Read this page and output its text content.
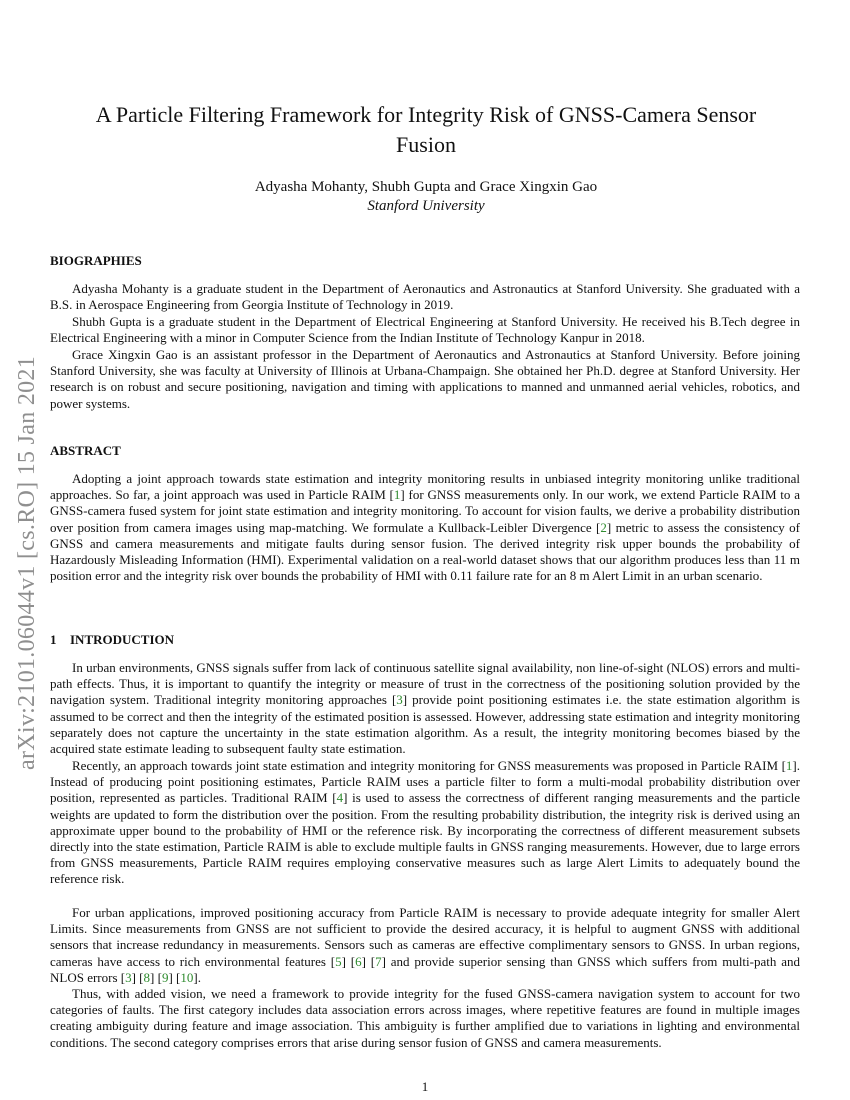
arXiv:2101.06044v1 [cs.RO] 15 Jan 2021
A Particle Filtering Framework for Integrity Risk of GNSS-Camera Sensor
Fusion
Adyasha Mohanty, Shubh Gupta and Grace Xingxin Gao
Stanford University
BIOGRAPHIES

Adyasha Mohanty is a graduate student in the Department of Aeronautics and Astronautics at Stanford University. She graduated with a B.S. in Aerospace Engineering from Georgia Institute of Technology in 2019.

Shubh Gupta is a graduate student in the Department of Electrical Engineering at Stanford University. He received his B.Tech degree in Electrical Engineering with a minor in Computer Science from the Indian Institute of Technology Kanpur in 2018.

Grace Xingxin Gao is an assistant professor in the Department of Aeronautics and Astronautics at Stanford University. Before joining Stanford University, she was faculty at University of Illinois at Urbana-Champaign. She obtained her Ph.D. degree at Stanford University. Her research is on robust and secure positioning, navigation and timing with applications to manned and unmanned aerial vehicles, robotics, and power systems.

ABSTRACT

Adopting a joint approach towards state estimation and integrity monitoring results in unbiased integrity monitoring unlike traditional approaches. So far, a joint approach was used in Particle RAIM [1] for GNSS measurements only. In our work, we extend Particle RAIM to a GNSS-camera fused system for joint state estimation and integrity monitoring. To account for vision faults, we derive a probability distribution over position from camera images using map-matching. We formulate a Kullback-Leibler Divergence [2] metric to assess the consistency of GNSS and camera measurements and mitigate faults during sensor fusion. The derived integrity risk upper bounds the probability of Hazardously Misleading Information (HMI). Experimental validation on a real-world dataset shows that our algorithm produces less than 11 m position error and the integrity risk over bounds the probability of HMI with 0.11 failure rate for an 8 m Alert Limit in an urban scenario.

1 INTRODUCTION

In urban environments, GNSS signals suffer from lack of continuous satellite signal availability, non line-of-sight (NLOS) errors and multi-path effects. Thus, it is important to quantify the integrity or measure of trust in the correctness of the positioning solution provided by the navigation system. Traditional integrity monitoring approaches [3] provide point positioning estimates i.e. the state estimation algorithm is assumed to be correct and then the integrity of the estimated position is assessed. However, addressing state estimation and integrity monitoring separately does not capture the uncertainty in the state estimation algorithm. As a result, the integrity monitoring becomes biased by the acquired state estimate leading to subsequent faulty state estimation.

Recently, an approach towards joint state estimation and integrity monitoring for GNSS measurements was proposed in Particle RAIM [1]. Instead of producing point positioning estimates, Particle RAIM uses a particle filter to form a multi-modal probability distribution over position, represented as particles. Traditional RAIM [4] is used to assess the correctness of different ranging measurements and the particle weights are updated to form the distribution over the position. From the resulting probability distribution, the integrity risk is derived using an approximate upper bound to the probability of HMI or the reference risk. By incorporating the correctness of different measurement subsets directly into the state estimation, Particle RAIM is able to exclude multiple faults in GNSS ranging measurements. However, due to large errors from GNSS measurements, Particle RAIM requires employing conservative measures such as large Alert Limits to adequately bound the reference risk.

For urban applications, improved positioning accuracy from Particle RAIM is necessary to provide adequate integrity for smaller Alert Limits. Since measurements from GNSS are not sufficient to provide the desired accuracy, it is helpful to augment GNSS with additional sensors that increase redundancy in measurements. Sensors such as cameras are effective complimentary sensors to GNSS. In urban regions, cameras have access to rich environmental features [5] [6] [7] and provide superior sensing than GNSS which suffers from multi-path and NLOS errors [3] [8] [9] [10].

Thus, with added vision, we need a framework to provide integrity for the fused GNSS-camera navigation system to account for two categories of faults. The first category includes data association errors across images, where repetitive features are found in multiple images creating ambiguity during feature and image association. This ambiguity is further amplified due to variations in lighting and environmental conditions. The second category comprises errors that arise during sensor fusion of GNSS and camera measurements.

1
